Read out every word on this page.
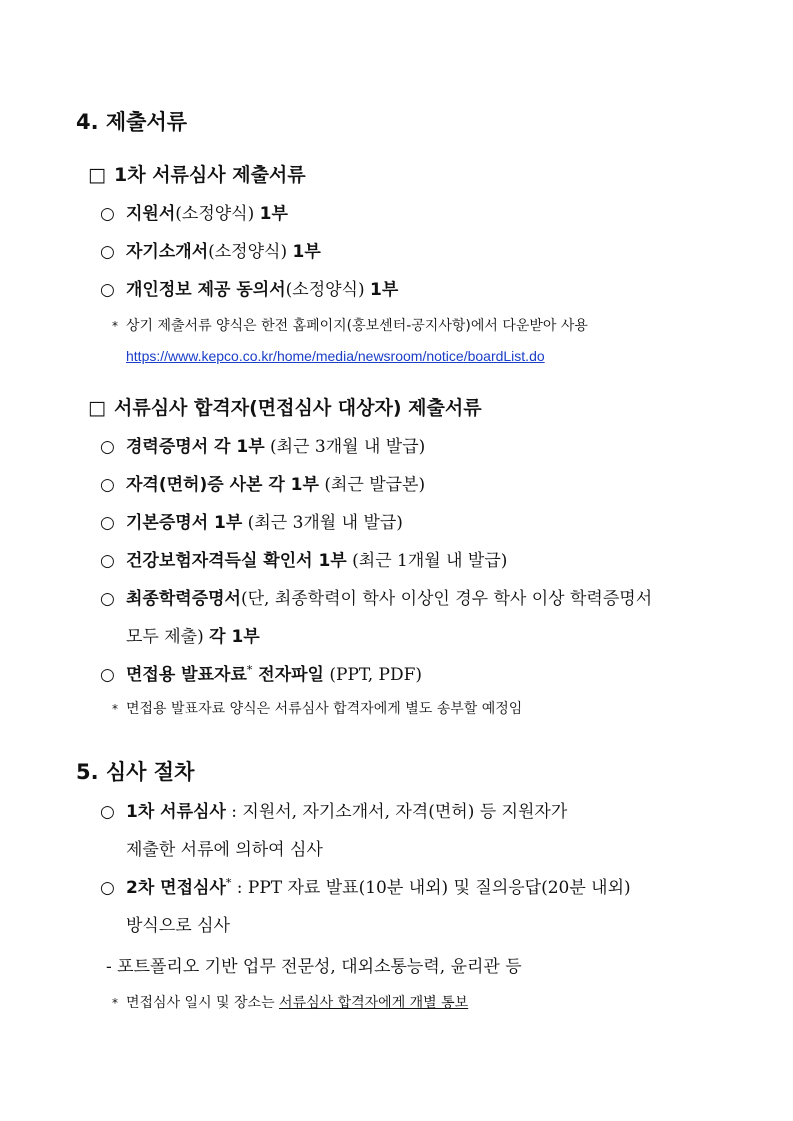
4. 제출서류
□ 1차 서류심사 제출서류
○ 지원서(소정양식) 1부
○ 자기소개서(소정양식) 1부
○ 개인정보 제공 동의서(소정양식) 1부
* 상기 제출서류 양식은 한전 홈페이지(홍보센터-공지사항)에서 다운받아 사용
https://www.kepco.co.kr/home/media/newsroom/notice/boardList.do
□ 서류심사 합격자(면접심사 대상자) 제출서류
○ 경력증명서 각 1부 (최근 3개월 내 발급)
○ 자격(면허)증 사본 각 1부 (최근 발급본)
○ 기본증명서 1부 (최근 3개월 내 발급)
○ 건강보험자격득실 확인서 1부 (최근 1개월 내 발급)
○ 최종학력증명서(단, 최종학력이 학사 이상인 경우 학사 이상 학력증명서
모두 제출) 각 1부
○ 면접용 발표자료* 전자파일 (PPT, PDF)
* 면접용 발표자료 양식은 서류심사 합격자에게 별도 송부할 예정임
5. 심사 절차
○ 1차 서류심사 : 지원서, 자기소개서, 자격(면허) 등 지원자가
제출한 서류에 의하여 심사
○ 2차 면접심사* : PPT 자료 발표(10분 내외) 및 질의응답(20분 내외)
방식으로 심사
- 포트폴리오 기반 업무 전문성, 대외소통능력, 윤리관 등
* 면접심사 일시 및 장소는 서류심사 합격자에게 개별 통보
